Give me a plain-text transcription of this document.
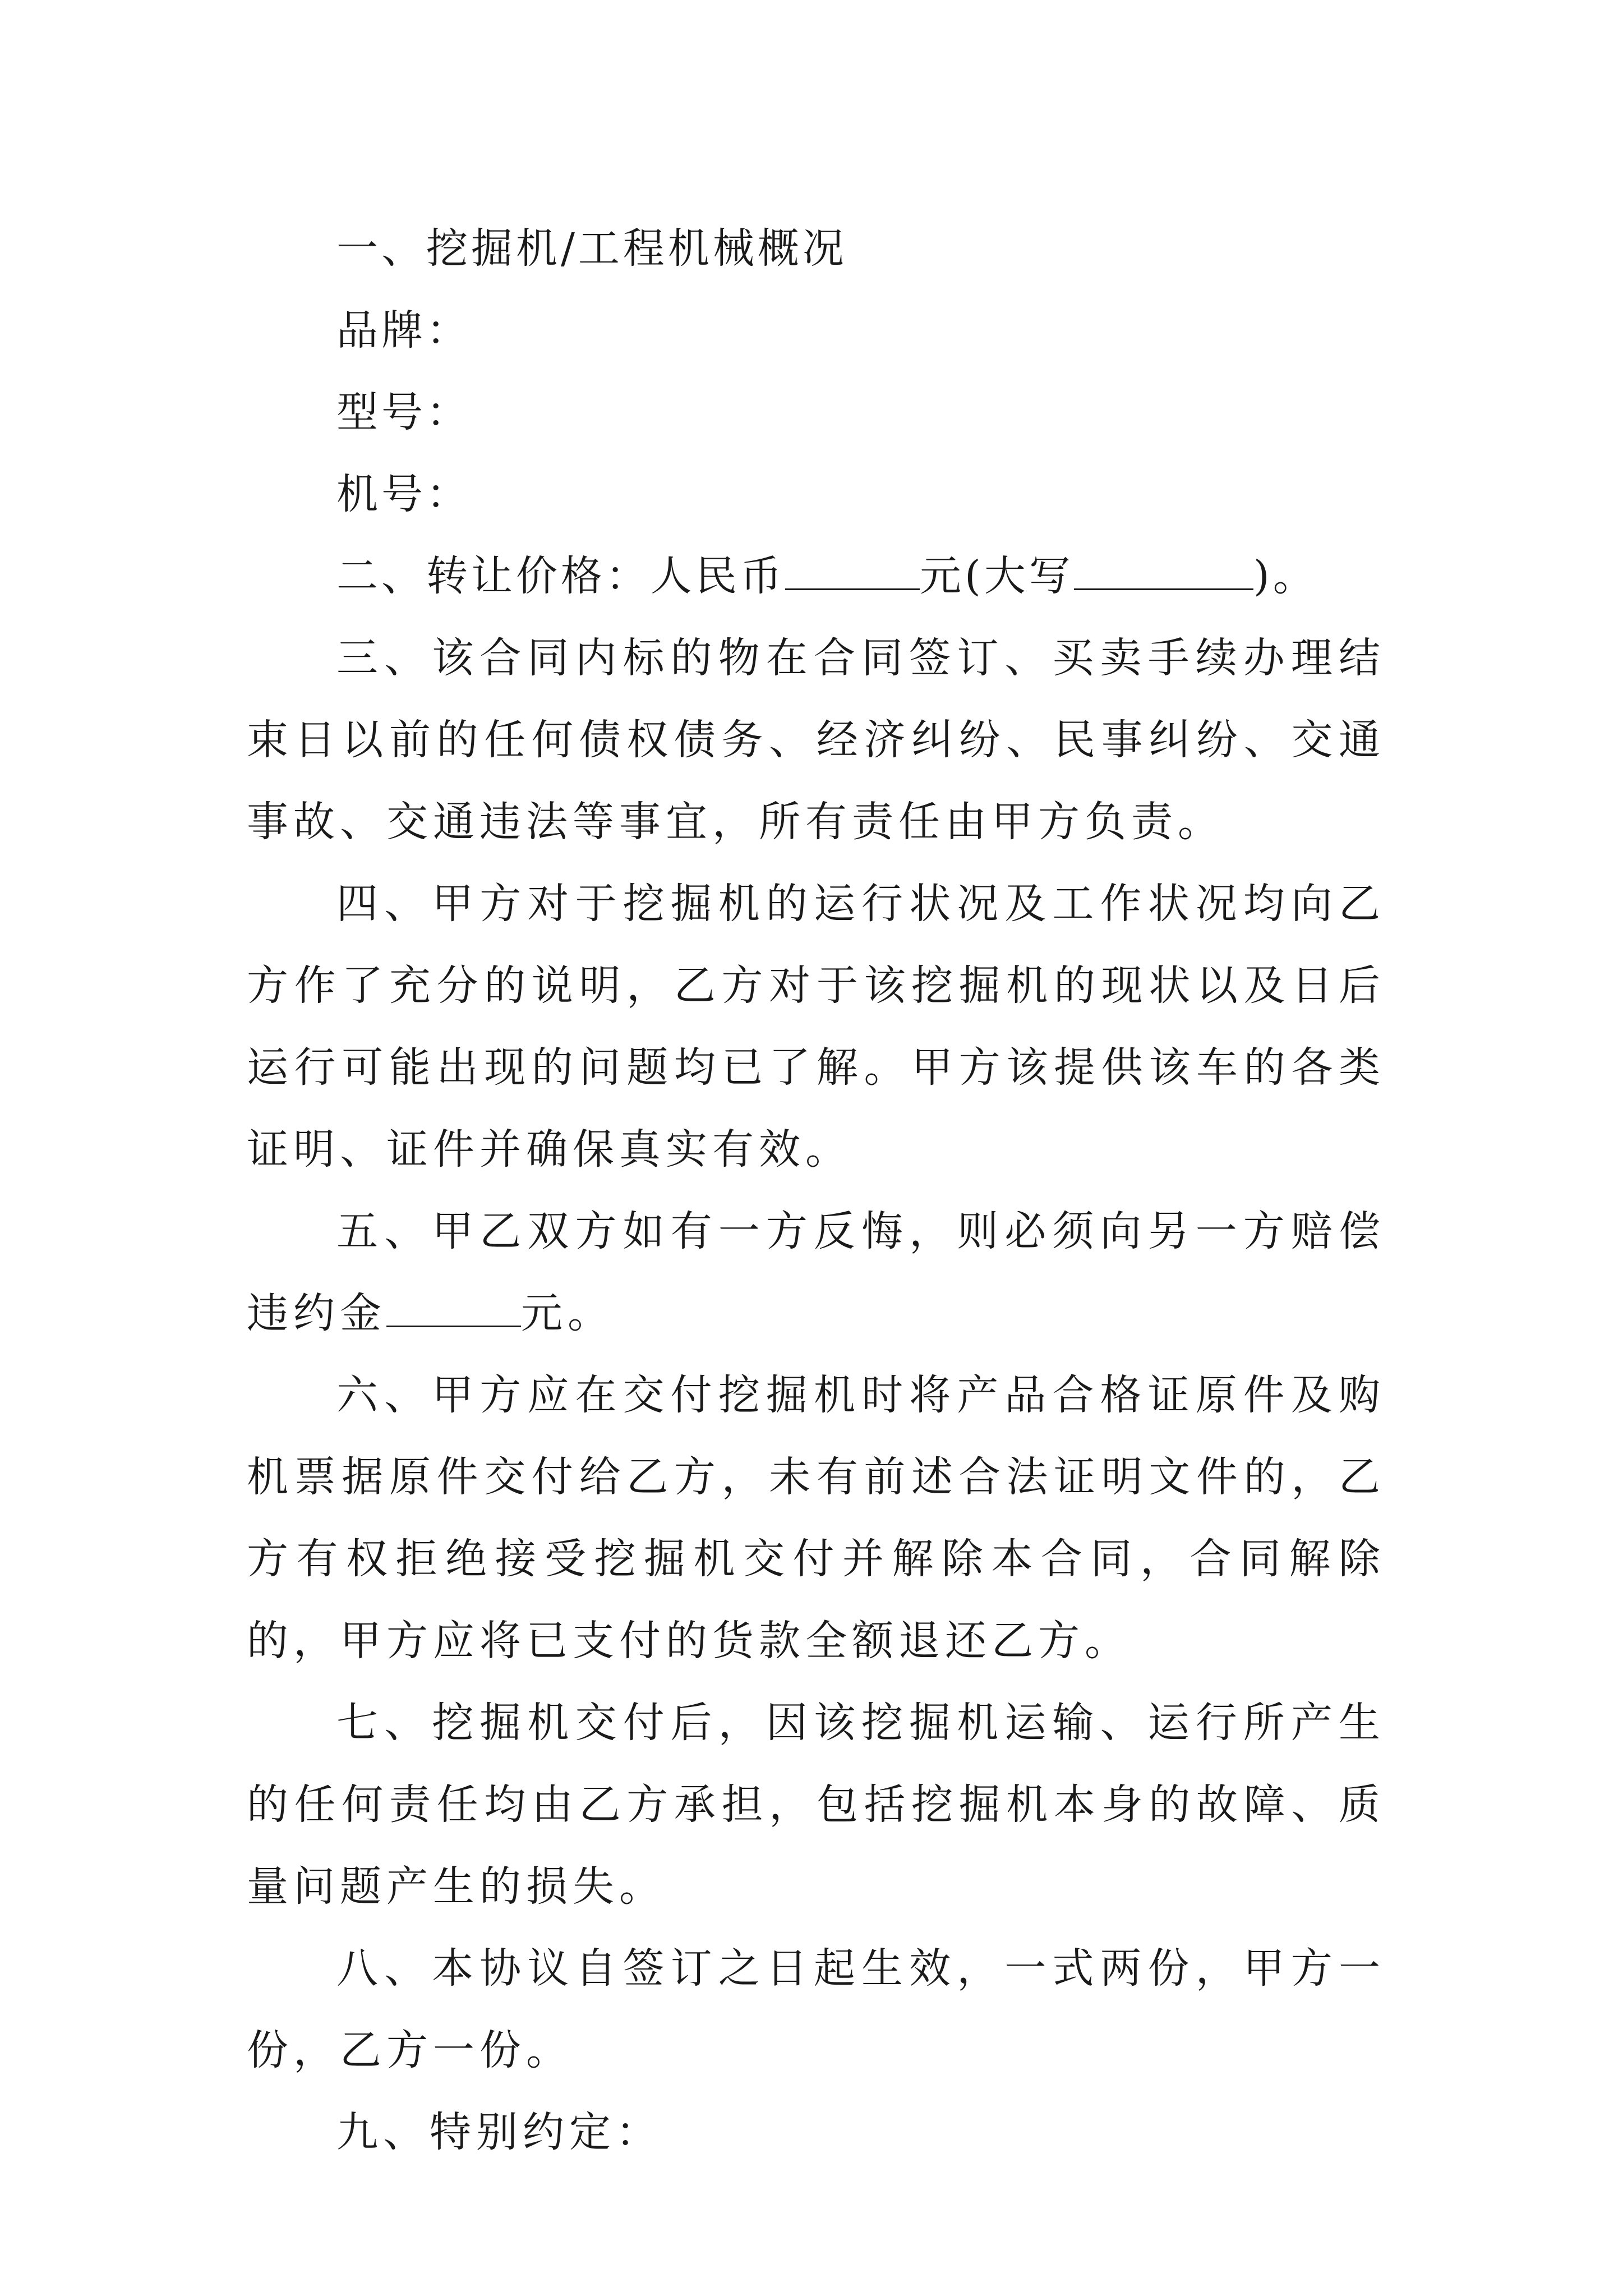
一、挖掘机/工程机械概况
品牌：
型号：
机号：
二、转让价格：人民币	元(大写	)。
三、该合同内标的物在合同签订、买卖手续办理结束日以前的任何债权债务、经济纠纷、民事纠纷、交通事故、交通违法等事宜，所有责任由甲方负责。
四、甲方对于挖掘机的运行状况及工作状况均向乙方作了充分的说明，乙方对于该挖掘机的现状以及日后运行可能出现的问题均已了解。甲方该提供该车的各类证明、证件并确保真实有效。
五、甲乙双方如有一方反悔，则必须向另一方赔偿违约金	元。
六、甲方应在交付挖掘机时将产品合格证原件及购机票据原件交付给乙方，未有前述合法证明文件的，乙方有权拒绝接受挖掘机交付并解除本合同，合同解除的，甲方应将已支付的货款全额退还乙方。
七、挖掘机交付后，因该挖掘机运输、运行所产生的任何责任均由乙方承担，包括挖掘机本身的故障、质量问题产生的损失。
八、本协议自签订之日起生效，一式两份，甲方一份，乙方一份。
九、特别约定：
